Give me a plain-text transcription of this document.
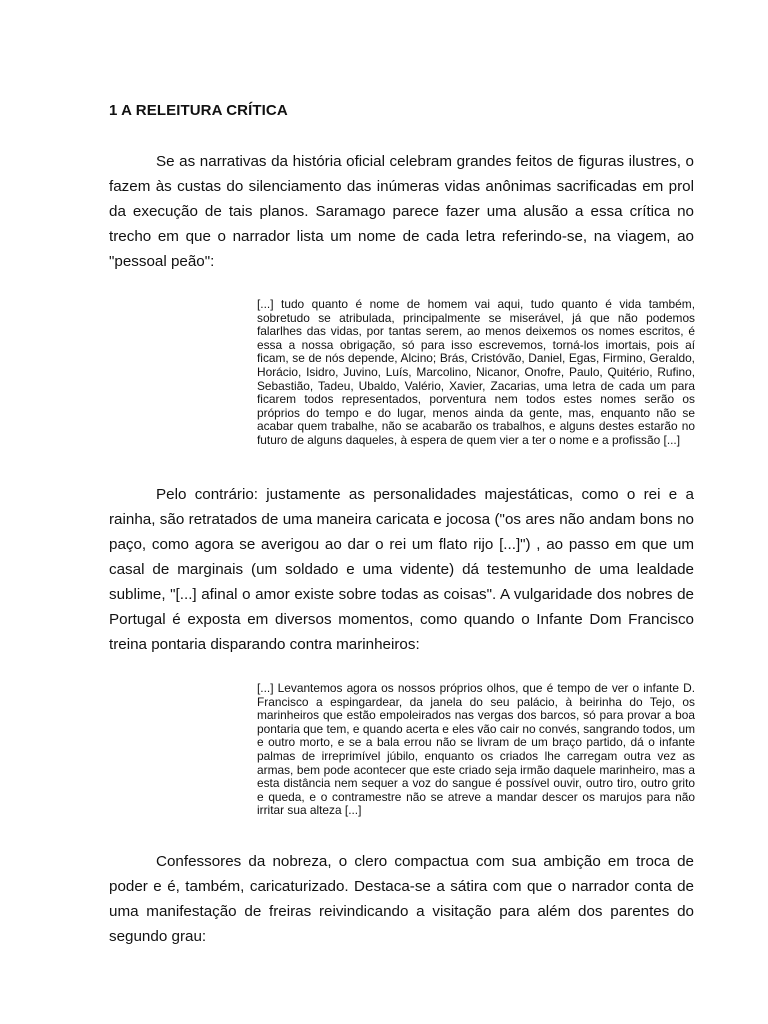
1 A RELEITURA CRÍTICA

Se as narrativas da história oficial celebram grandes feitos de figuras ilustres, o fazem às custas do silenciamento das inúmeras vidas anônimas sacrificadas em prol da execução de tais planos. Saramago parece fazer uma alusão a essa crítica no trecho em que o narrador lista um nome de cada letra referindo-se, na viagem, ao "pessoal peão":

[...] tudo quanto é nome de homem vai aqui, tudo quanto é vida também, sobretudo se atribulada, principalmente se miserável, já que não podemos falarlhes das vidas, por tantas serem, ao menos deixemos os nomes escritos, é essa a nossa obrigação, só para isso escrevemos, torná-los imortais, pois aí ficam, se de nós depende, Alcino; Brás, Cristóvão, Daniel, Egas, Firmino, Geraldo, Horácio, Isidro, Juvino, Luís, Marcolino, Nicanor, Onofre, Paulo, Quitério, Rufino, Sebastião, Tadeu, Ubaldo, Valério, Xavier, Zacarias, uma letra de cada um para ficarem todos representados, porventura nem todos estes nomes serão os próprios do tempo e do lugar, menos ainda da gente, mas, enquanto não se acabar quem trabalhe, não se acabarão os trabalhos, e alguns destes estarão no futuro de alguns daqueles, à espera de quem vier a ter o nome e a profissão [...]

Pelo contrário: justamente as personalidades majestáticas, como o rei e a rainha, são retratados de uma maneira caricata e jocosa ("os ares não andam bons no paço, como agora se averigou ao dar o rei um flato rijo [...]") , ao passo em que um casal de marginais (um soldado e uma vidente) dá testemunho de uma lealdade sublime, "[...] afinal o amor existe sobre todas as coisas". A vulgaridade dos nobres de Portugal é exposta em diversos momentos, como quando o Infante Dom Francisco treina pontaria disparando contra marinheiros:

[...] Levantemos agora os nossos próprios olhos, que é tempo de ver o infante D. Francisco a espingardear, da janela do seu palácio, à beirinha do Tejo, os marinheiros que estão empoleirados nas vergas dos barcos, só para provar a boa pontaria que tem, e quando acerta e eles vão cair no convés, sangrando todos, um e outro morto, e se a bala errou não se livram de um braço partido, dá o infante palmas de irreprimível júbilo, enquanto os criados lhe carregam outra vez as armas, bem pode acontecer que este criado seja irmão daquele marinheiro, mas a esta distância nem sequer a voz do sangue é possível ouvir, outro tiro, outro grito e queda, e o contramestre não se atreve a mandar descer os marujos para não irritar sua alteza [...]

Confessores da nobreza, o clero compactua com sua ambição em troca de poder e é, também, caricaturizado. Destaca-se a sátira com que o narrador conta de uma manifestação de freiras reivindicando a visitação para além dos parentes do segundo grau:
